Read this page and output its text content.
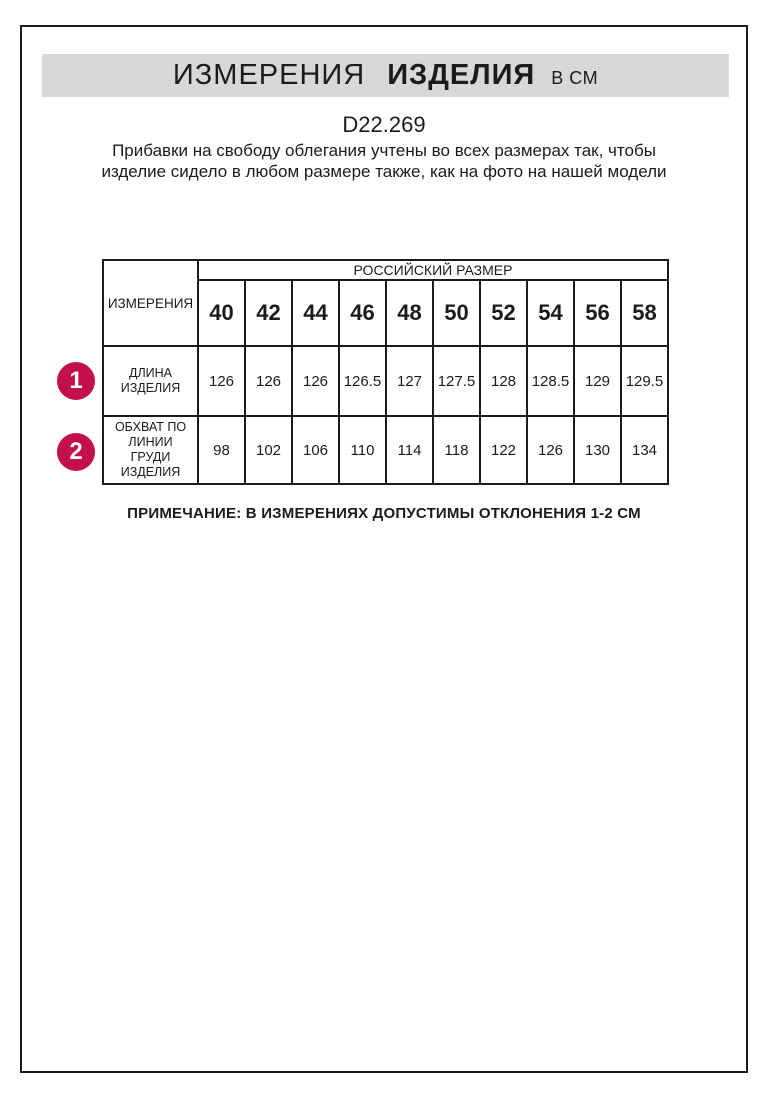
ИЗМЕРЕНИЯ ИЗДЕЛИЯ В СМ
D22.269
Прибавки на свободу облегания учтены во всех размерах так, чтобы изделие сидело в любом размере также, как на фото на нашей модели
1
2
ИЗМЕРЕНИЯ	РОССИЙСКИЙ РАЗМЕР									
	40	42	44	46	48	50	52	54	56	58
ДЛИНА ИЗДЕЛИЯ	126	126	126	126.5	127	127.5	128	128.5	129	129.5
ОБХВАТ ПО ЛИНИИ ГРУДИ ИЗДЕЛИЯ	98	102	106	110	114	118	122	126	130	134
ПРИМЕЧАНИЕ: В ИЗМЕРЕНИЯХ ДОПУСТИМЫ ОТКЛОНЕНИЯ 1-2 СМ
